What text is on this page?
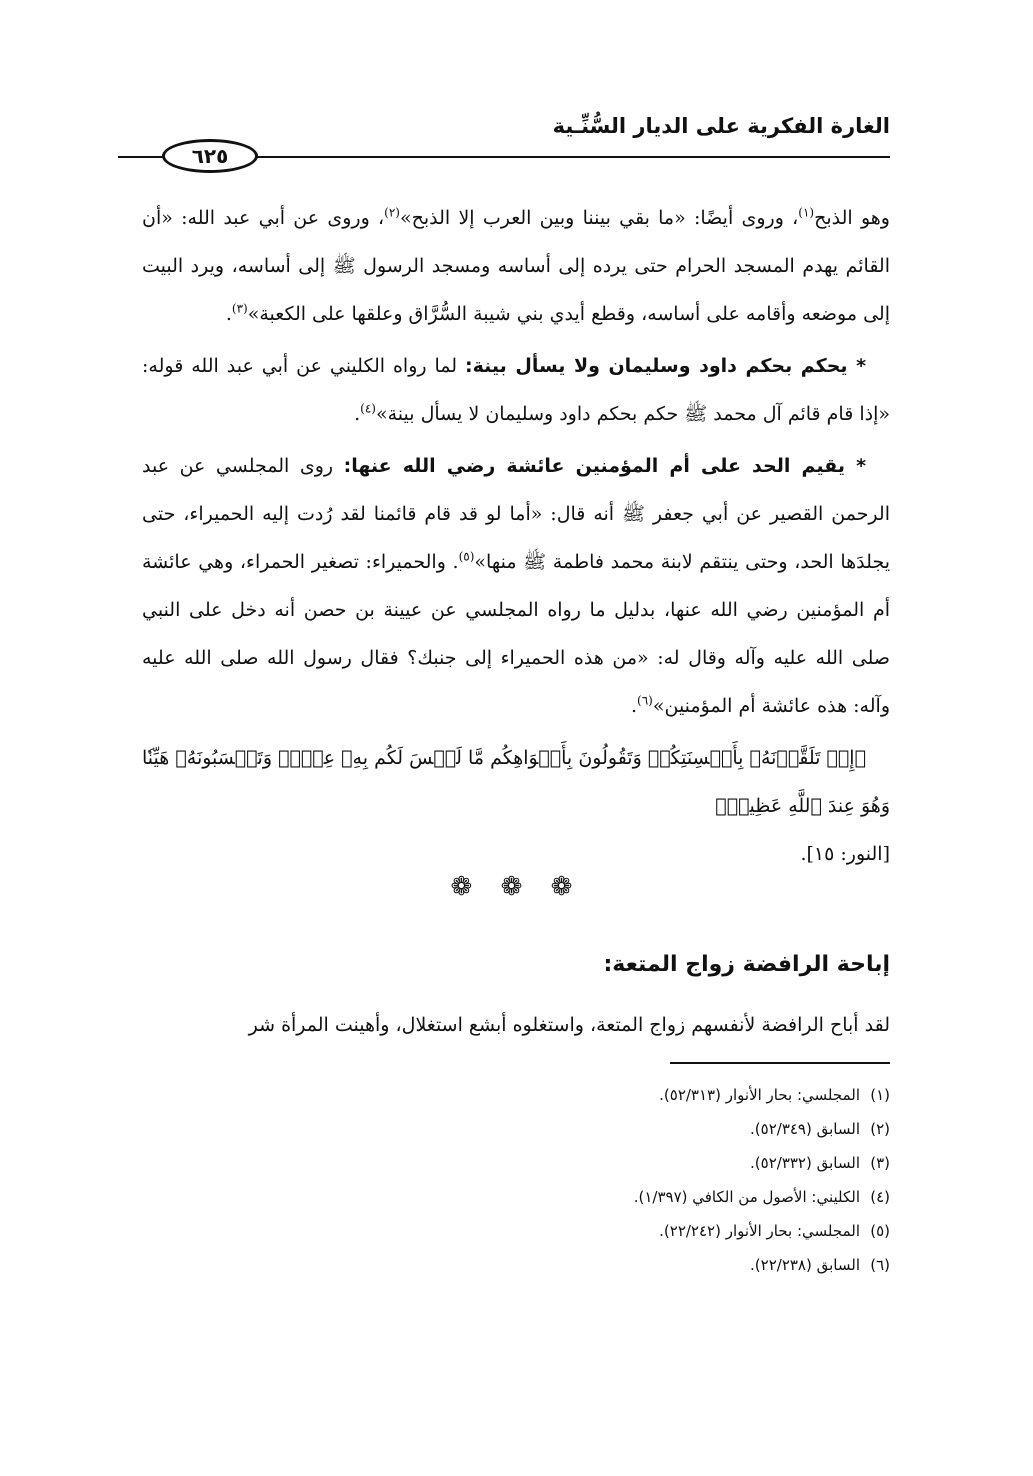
الغارة الفكرية على الديار السُّنِّـية
٦٢٥

وهو الذبح$^{(١)}$، وروى أيضًا: «ما بقي بيننا وبين العرب إلا الذبح»$^{(٢)}$، وروى عن أبي عبد الله: «أن القائم يهدم المسجد الحرام حتى يرده إلى أساسه ومسجد الرسول ﷺ إلى أساسه، ويرد البيت إلى موضعه وأقامه على أساسه، وقطع أيدي بني شيبة السُّرَّاق وعلقها على الكعبة»$^{(٣)}$.

* يحكم بحكم داود وسليمان ولا يسأل بينة: لما رواه الكليني عن أبي عبد الله قوله: «إذا قام قائم آل محمد ﷺ حكم بحكم داود وسليمان لا يسأل بينة»$^{(٤)}$.

* يقيم الحد على أم المؤمنين عائشة رضي الله عنها: روى المجلسي عن عبد الرحمن القصير عن أبي جعفر ﷺ أنه قال: «أما لو قد قام قائمنا لقد رُدت إليه الحميراء، حتى يجلدَها الحد، وحتى ينتقم لابنة محمد فاطمة ﷺ منها»$^{(٥)}$. والحميراء: تصغير الحمراء، وهي عائشة أم المؤمنين رضي الله عنها، بدليل ما رواه المجلسي عن عيينة بن حصن أنه دخل على النبي صلى الله عليه وآله وقال له: «من هذه الحميراء إلى جنبك؟ فقال رسول الله صلى الله عليه وآله: هذه عائشة أم المؤمنين»$^{(٦)}$.

﴿إِذۡ تَلَقَّوۡنَهُۥ بِأَلۡسِنَتِكُمۡ وَتَقُولُونَ بِأَفۡوَاهِكُم مَّا لَيۡسَ لَكُم بِهِۦ عِلۡمٞ وَتَحۡسَبُونَهُۥ هَيِّنٗا وَهُوَ عِندَ ٱللَّهِ عَظِيمٞ﴾
[النور: ١٥].

❁ ❁ ❁
إباحة الرافضة زواج المتعة:
لقد أباح الرافضة لأنفسهم زواج المتعة، واستغلوه أبشع استغلال، وأهينت المرأة شر
(١)المجلسي: بحار الأنوار (٥٢/٣١٣).
(٢)السابق (٥٢/٣٤٩).
(٣)السابق (٥٢/٣٣٢).
(٤)الكليني: الأصول من الكافي (١/٣٩٧).
(٥)المجلسي: بحار الأنوار (٢٢/٢٤٢).
(٦)السابق (٢٢/٢٣٨).
